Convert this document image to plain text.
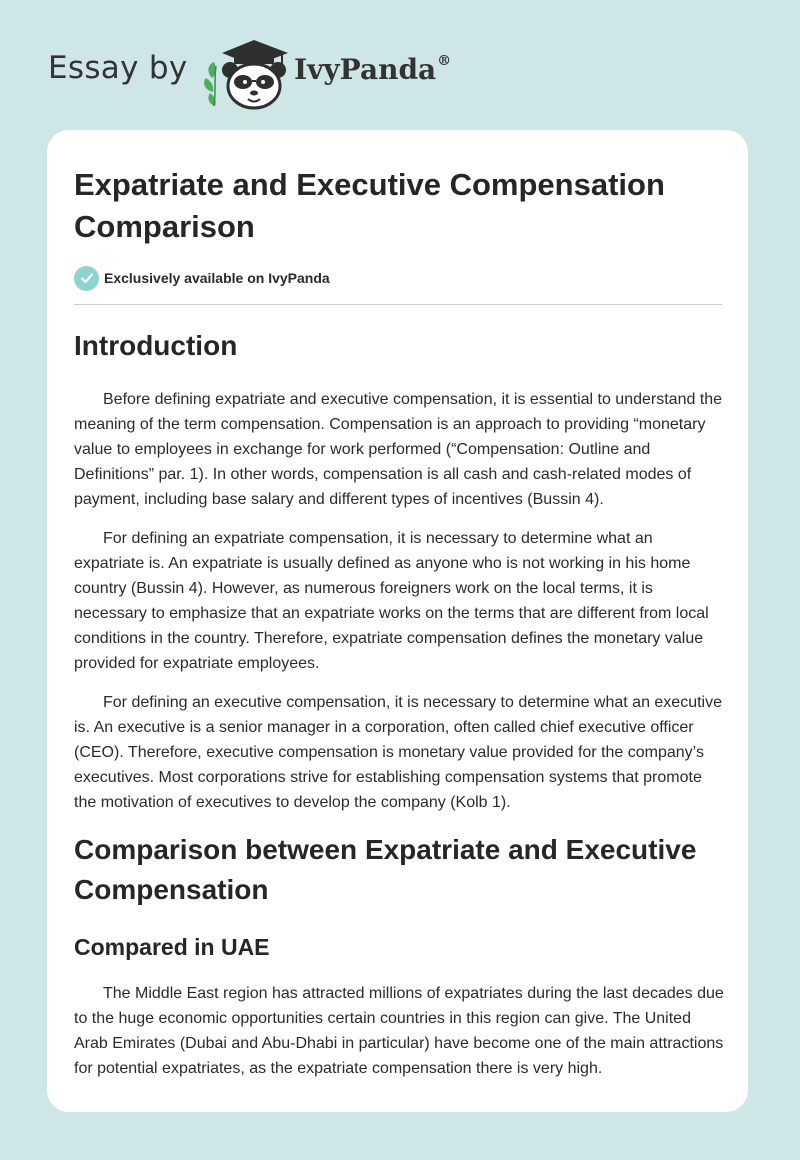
Essay by	IvyPanda®
Expatriate and Executive Compensation Comparison
Exclusively available on IvyPanda
Introduction

Before defining expatriate and executive compensation, it is essential to understand the meaning of the term compensation. Compensation is an approach to providing “monetary value to employees in exchange for work performed (“Compensation: Outline and Definitions” par. 1). In other words, compensation is all cash and cash-related modes of payment, including base salary and different types of incentives (Bussin 4).

For defining an expatriate compensation, it is necessary to determine what an expatriate is. An expatriate is usually defined as anyone who is not working in his home country (Bussin 4). However, as numerous foreigners work on the local terms, it is necessary to emphasize that an expatriate works on the terms that are different from local conditions in the country. Therefore, expatriate compensation defines the monetary value provided for expatriate employees.

For defining an executive compensation, it is necessary to determine what an executive is. An executive is a senior manager in a corporation, often called chief executive officer (CEO). Therefore, executive compensation is monetary value provided for the company’s executives. Most corporations strive for establishing compensation systems that promote the motivation of executives to develop the company (Kolb 1).

Comparison between Expatriate and Executive Compensation
Compared in UAE

The Middle East region has attracted millions of expatriates during the last decades due to the huge economic opportunities certain countries in this region can give. The United Arab Emirates (Dubai and Abu-Dhabi in particular) have become one of the main attractions for potential expatriates, as the expatriate compensation there is very high.
